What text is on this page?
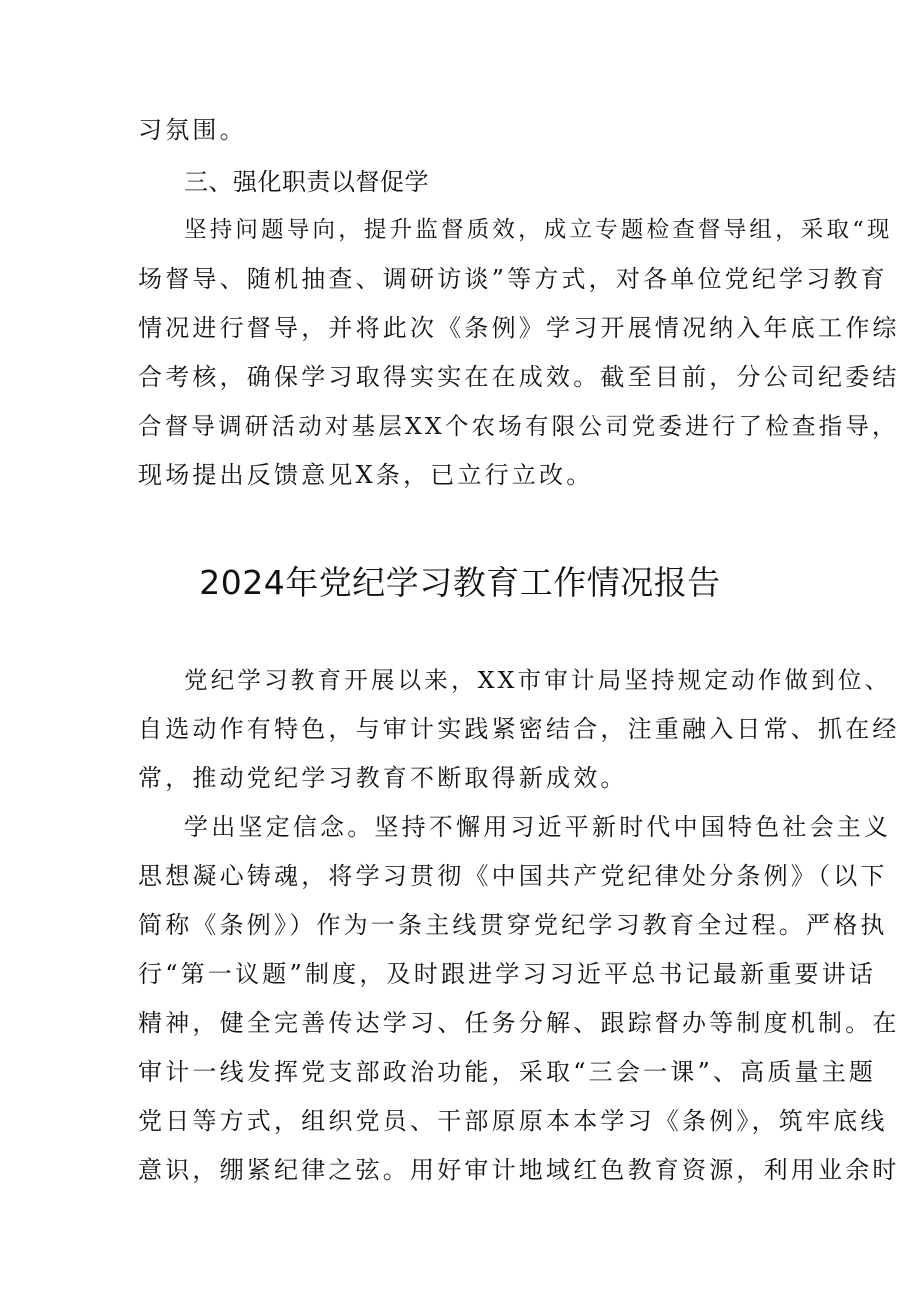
习氛围。
三、强化职责以督促学
坚持问题导向，提升监督质效，成立专题检查督导组，采取“现
场督导、随机抽查、调研访谈”等方式，对各单位党纪学习教育
情况进行督导，并将此次《条例》学习开展情况纳入年底工作综
合考核，确保学习取得实实在在成效。截至目前，分公司纪委结
合督导调研活动对基层XX个农场有限公司党委进行了检查指导，
现场提出反馈意见X条，已立行立改。
2024年党纪学习教育工作情况报告
党纪学习教育开展以来，XX市审计局坚持规定动作做到位、
自选动作有特色，与审计实践紧密结合，注重融入日常、抓在经
常，推动党纪学习教育不断取得新成效。
学出坚定信念。坚持不懈用习近平新时代中国特色社会主义
思想凝心铸魂，将学习贯彻《中国共产党纪律处分条例》（以下
简称《条例》）作为一条主线贯穿党纪学习教育全过程。严格执
行“第一议题”制度，及时跟进学习习近平总书记最新重要讲话
精神，健全完善传达学习、任务分解、跟踪督办等制度机制。在
审计一线发挥党支部政治功能，采取“三会一课”、高质量主题
党日等方式，组织党员、干部原原本本学习《条例》，筑牢底线
意识，绷紧纪律之弦。用好审计地域红色教育资源，利用业余时
